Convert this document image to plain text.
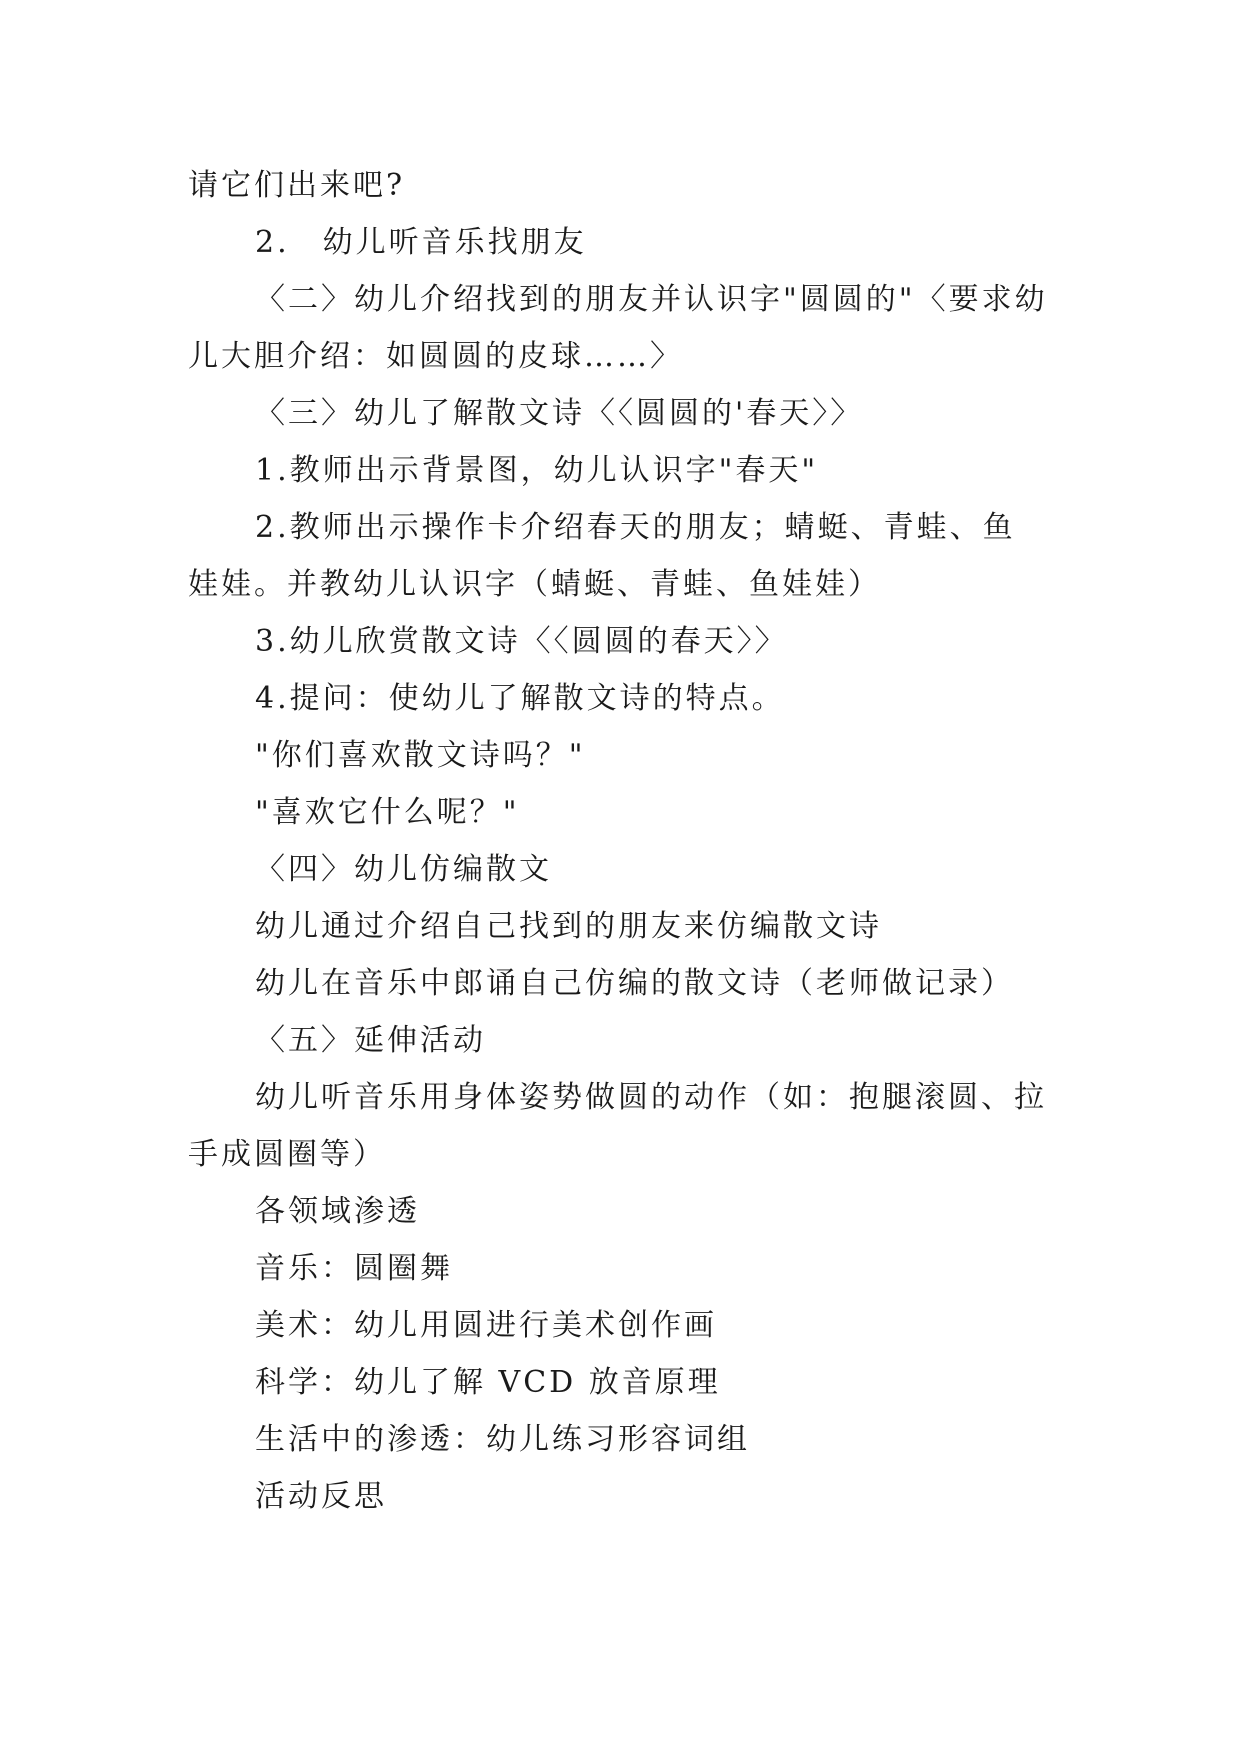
请它们出来吧?
2.　幼儿听音乐找朋友
〈二〉幼儿介绍找到的朋友并认识字"圆圆的"〈要求幼
儿大胆介绍：如圆圆的皮球……〉
〈三〉幼儿了解散文诗〈〈圆圆的'春天〉〉
1.教师出示背景图，幼儿认识字"春天"
2.教师出示操作卡介绍春天的朋友；蜻蜓、青蛙、鱼
娃娃。并教幼儿认识字（蜻蜓、青蛙、鱼娃娃）
3.幼儿欣赏散文诗〈〈圆圆的春天〉〉
4.提问：使幼儿了解散文诗的特点。
"你们喜欢散文诗吗？"
"喜欢它什么呢？"
〈四〉幼儿仿编散文
幼儿通过介绍自己找到的朋友来仿编散文诗
幼儿在音乐中郎诵自己仿编的散文诗（老师做记录）
〈五〉延伸活动
幼儿听音乐用身体姿势做圆的动作（如：抱腿滚圆、拉
手成圆圈等）
各领域渗透
音乐：圆圈舞
美术：幼儿用圆进行美术创作画
科学：幼儿了解 VCD 放音原理
生活中的渗透：幼儿练习形容词组
活动反思
